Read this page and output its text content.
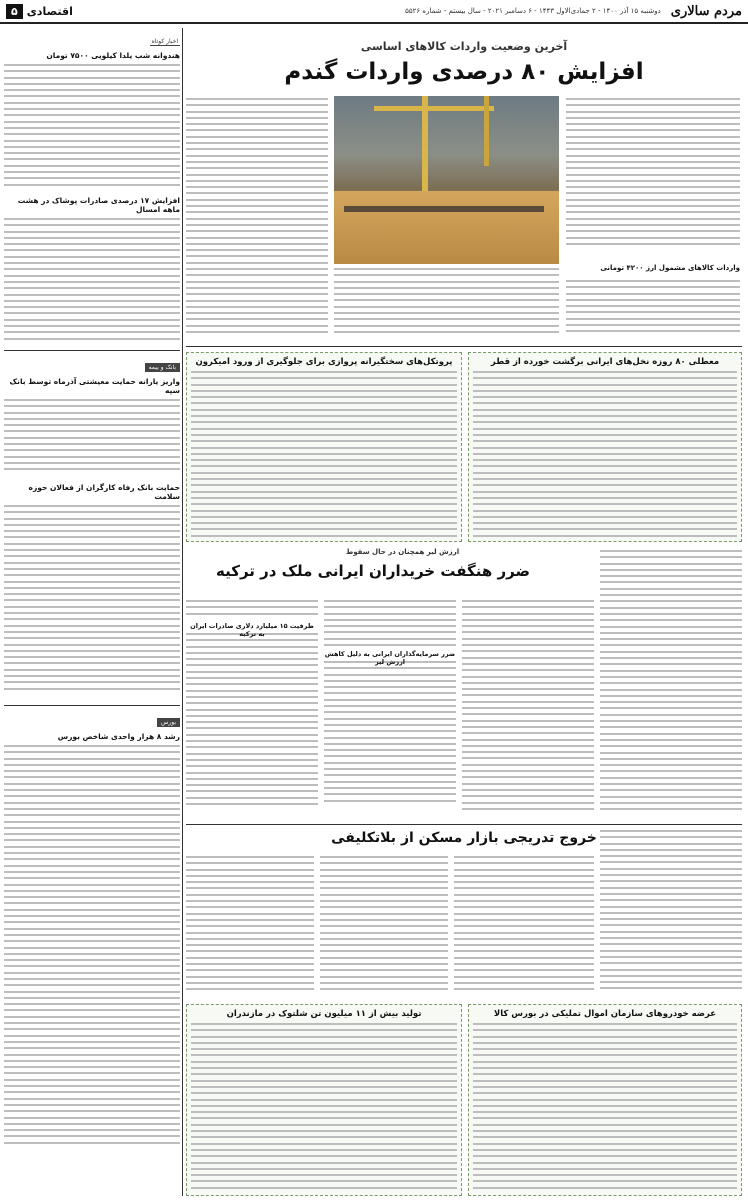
مردم سالاری
دوشنبه ۱۵ آذر ۱۴۰۰ - ۲ جمادی‌الاول ۱۴۴۳ - ۶ دسامبر ۲۰۲۱ - سال بیستم - شماره ۵۵۲۶
اقتصادی
۵
آخرین وضعیت واردات کالاهای اساسی
افزایش ۸۰ درصدی واردات گندم
واردات کالاهای مشمول ارز ۴۲۰۰ تومانی
معطلی ۸۰ روزه نخل‌های ایرانی برگشت خورده از قطر
پروتکل‌های سختگیرانه پروازی برای جلوگیری از ورود امیکرون
ارزش لیر همچنان در حال سقوط
ضرر هنگفت خریداران ایرانی ملک در ترکیه
ضرر سرمایه‌گذاران ایرانی به دلیل کاهش ارزش لیر
ظرفیت ۱۵ میلیارد دلاری صادرات ایران به ترکیه
خروج تدریجی بازار مسکن از بلاتکلیفی
عرضه خودروهای سازمان اموال تملیکی در بورس کالا
تولید بیش از ۱۱ میلیون تن شلتوک در مازندران
اخبار کوتاه
هندوانه شب یلدا کیلویی ۷۵۰۰ تومان
افزایش ۱۷ درصدی صادرات پوشاک در هشت ماهه امسال
بانک و بیمه
واریز یارانه حمایت معیشتی آذرماه توسط بانک سپه
حمایت بانک رفاه کارگران از فعالان حوزه سلامت
بورس
رشد ۸ هزار واحدی شاخص بورس
